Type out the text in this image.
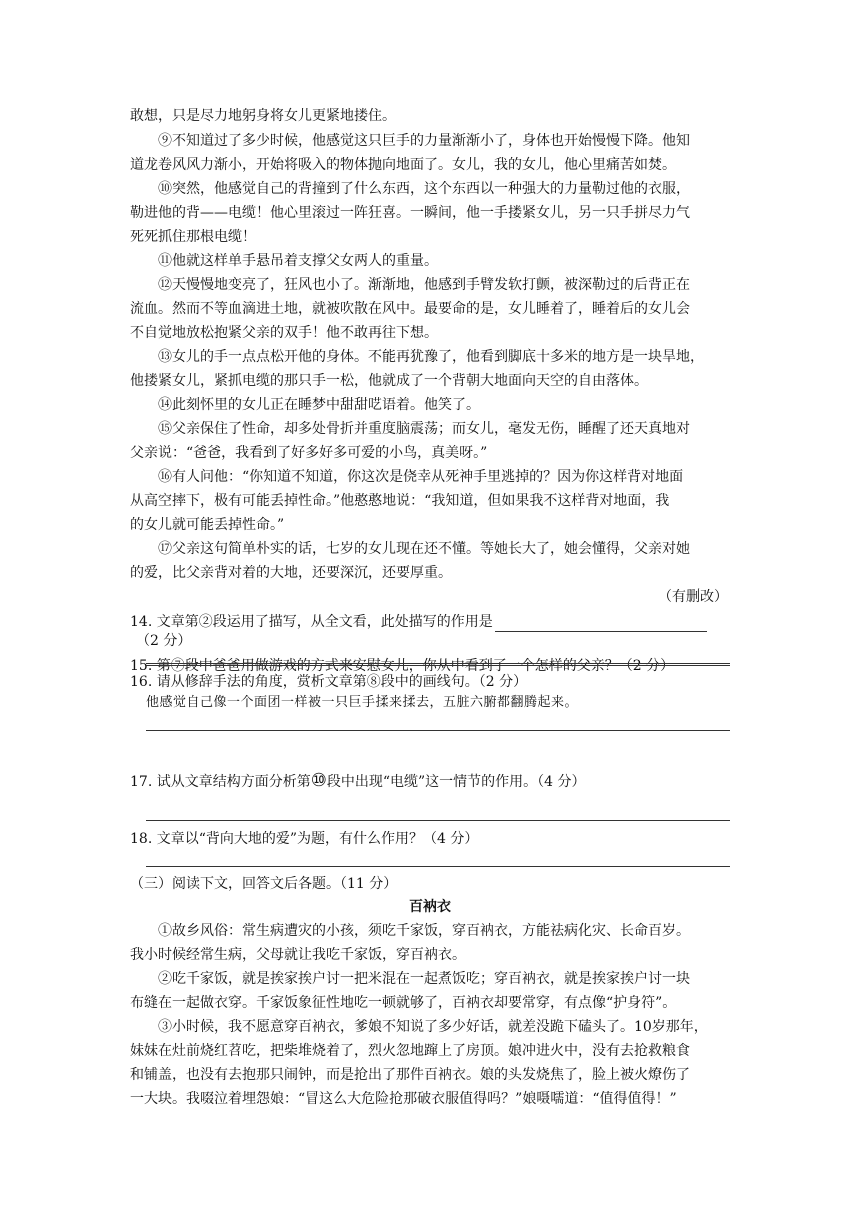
敢想，只是尽力地躬身将女儿更紧地搂住。
⑨不知道过了多少时候，他感觉这只巨手的力量渐渐小了，身体也开始慢慢下降。他知
道龙卷风风力渐小，开始将吸入的物体抛向地面了。女儿，我的女儿，他心里痛苦如焚。
⑩突然，他感觉自己的背撞到了什么东西，这个东西以一种强大的力量勒过他的衣服，
勒进他的背——电缆！他心里滚过一阵狂喜。一瞬间，他一手搂紧女儿，另一只手拼尽力气
死死抓住那根电缆！
⑪他就这样单手悬吊着支撑父女两人的重量。
⑫天慢慢地变亮了，狂风也小了。渐渐地，他感到手臂发软打颤，被深勒过的后背正在
流血。然而不等血滴进土地，就被吹散在风中。最要命的是，女儿睡着了，睡着后的女儿会
不自觉地放松抱紧父亲的双手！他不敢再往下想。
⑬女儿的手一点点松开他的身体。不能再犹豫了，他看到脚底十多米的地方是一块旱地，
他搂紧女儿，紧抓电缆的那只手一松，他就成了一个背朝大地面向天空的自由落体。
⑭此刻怀里的女儿正在睡梦中甜甜呓语着。他笑了。
⑮父亲保住了性命，却多处骨折并重度脑震荡；而女儿，毫发无伤，睡醒了还天真地对
父亲说：“爸爸，我看到了好多好多可爱的小鸟，真美呀。”
⑯有人问他：“你知道不知道，你这次是侥幸从死神手里逃掉的？因为你这样背对地面
从高空摔下，极有可能丢掉性命。”他憨憨地说：“我知道，但如果我不这样背对地面，我
的女儿就可能丢掉性命。”
⑰父亲这句简单朴实的话，七岁的女儿现在还不懂。等她长大了，她会懂得，父亲对她
的爱，比父亲背对着的大地，还要深沉，还要厚重。
（有删改）
14. 文章第②段运用了描写，从全文看，此处描写的作用是
（2 分）
15. 第⑦段中爸爸用做游戏的方式来安慰女儿，你从中看到了一个怎样的父亲？（2 分）
16. 请从修辞手法的角度，赏析文章第⑧段中的画线句。（2 分）
他感觉自己像一个面团一样被一只巨手揉来揉去，五脏六腑都翻腾起来。
17. 试从文章结构方面分析第⑩段中出现“电缆”这一情节的作用。（4 分）
18. 文章以“背向大地的爱”为题，有什么作用？（4 分）
（三）阅读下文，回答文后各题。（11 分）
百衲衣
①故乡风俗：常生病遭灾的小孩，须吃千家饭，穿百衲衣，方能祛病化灾、长命百岁。
我小时候经常生病，父母就让我吃千家饭，穿百衲衣。
②吃千家饭，就是挨家挨户讨一把米混在一起煮饭吃；穿百衲衣，就是挨家挨户讨一块
布缝在一起做衣穿。千家饭象征性地吃一顿就够了，百衲衣却要常穿，有点像“护身符”。
③小时候，我不愿意穿百衲衣，爹娘不知说了多少好话，就差没跪下磕头了。10岁那年，
妹妹在灶前烧红苕吃，把柴堆烧着了，烈火忽地蹿上了房顶。娘冲进火中，没有去抢救粮食
和铺盖，也没有去抱那只闹钟，而是抢出了那件百衲衣。娘的头发烧焦了，脸上被火燎伤了
一大块。我啜泣着埋怨娘：“冒这么大危险抢那破衣服值得吗？”娘嗫嚅道：“值得值得！”
